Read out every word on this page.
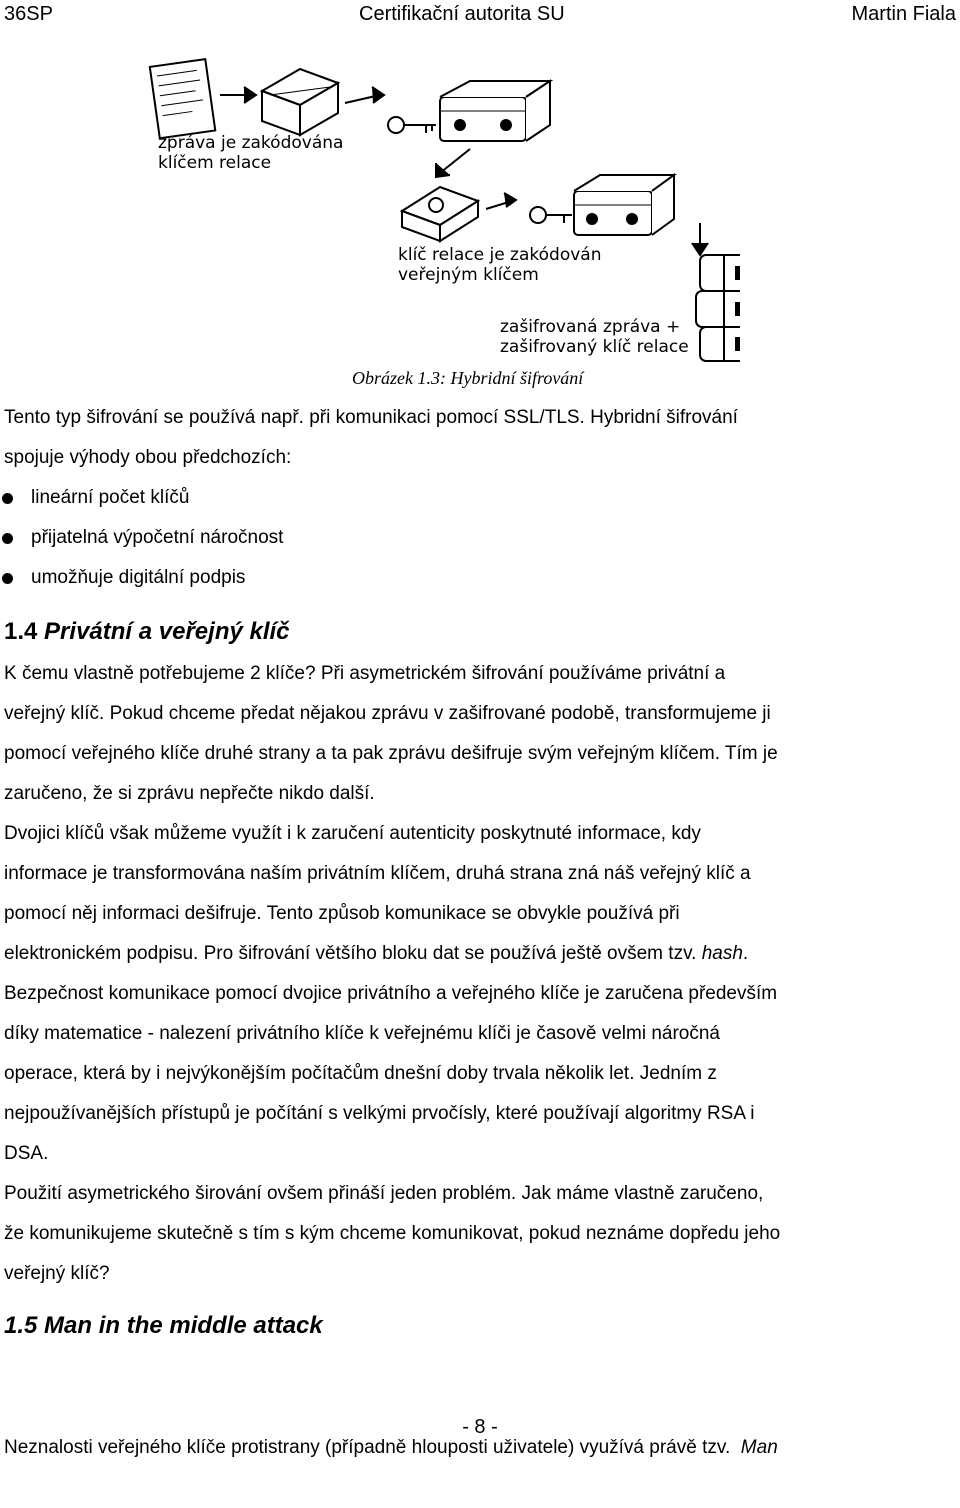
36SP	Certifikační autorita SU	Martin Fiala
zpráva je zakódována
klíčem relace
klíč relace je zakódován
veřejným klíčem
zašifrovaná zpráva +
zašifrovaný klíč relace
Obrázek 1.3: Hybridní šifrování
Tento typ šifrování se používá např. při komunikaci pomocí SSL/TLS. Hybridní šifrování
spojuje výhody obou předchozích:
lineární počet klíčů
přijatelná výpočetní náročnost
umožňuje digitální podpis
1.4 Privátní a veřejný klíč
K čemu vlastně potřebujeme 2 klíče? Při asymetrickém šifrování používáme privátní a
veřejný klíč. Pokud chceme předat nějakou zprávu v zašifrované podobě, transformujeme ji
pomocí veřejného klíče druhé strany a ta pak zprávu dešifruje svým veřejným klíčem. Tím je
zaručeno, že si zprávu nepřečte nikdo další.
Dvojici klíčů však můžeme využít i k zaručení autenticity poskytnuté informace, kdy
informace je transformována naším privátním klíčem, druhá strana zná náš veřejný klíč a
pomocí něj informaci dešifruje. Tento způsob komunikace se obvykle používá při
elektronickém podpisu. Pro šifrování většího bloku dat se používá ještě ovšem tzv. hash.
Bezpečnost komunikace pomocí dvojice privátního a veřejného klíče je zaručena především
díky matematice - nalezení privátního klíče k veřejnému klíči je časově velmi náročná
operace, která by i nejvýkonějším počítačům dnešní doby trvala několik let. Jedním z
nejpoužívanějších přístupů je počítání s velkými prvočísly, které používají algoritmy RSA i
DSA.
Použití asymetrického širování ovšem přináší jeden problém. Jak máme vlastně zaručeno,
že komunikujeme skutečně s tím s kým chceme komunikovat, pokud neznáme dopředu jeho
veřejný klíč?
1.5 Man in the middle attack

Neznalosti veřejného klíče protistrany (případně hlouposti uživatele) využívá právě tzv.  Man

- 8 -
